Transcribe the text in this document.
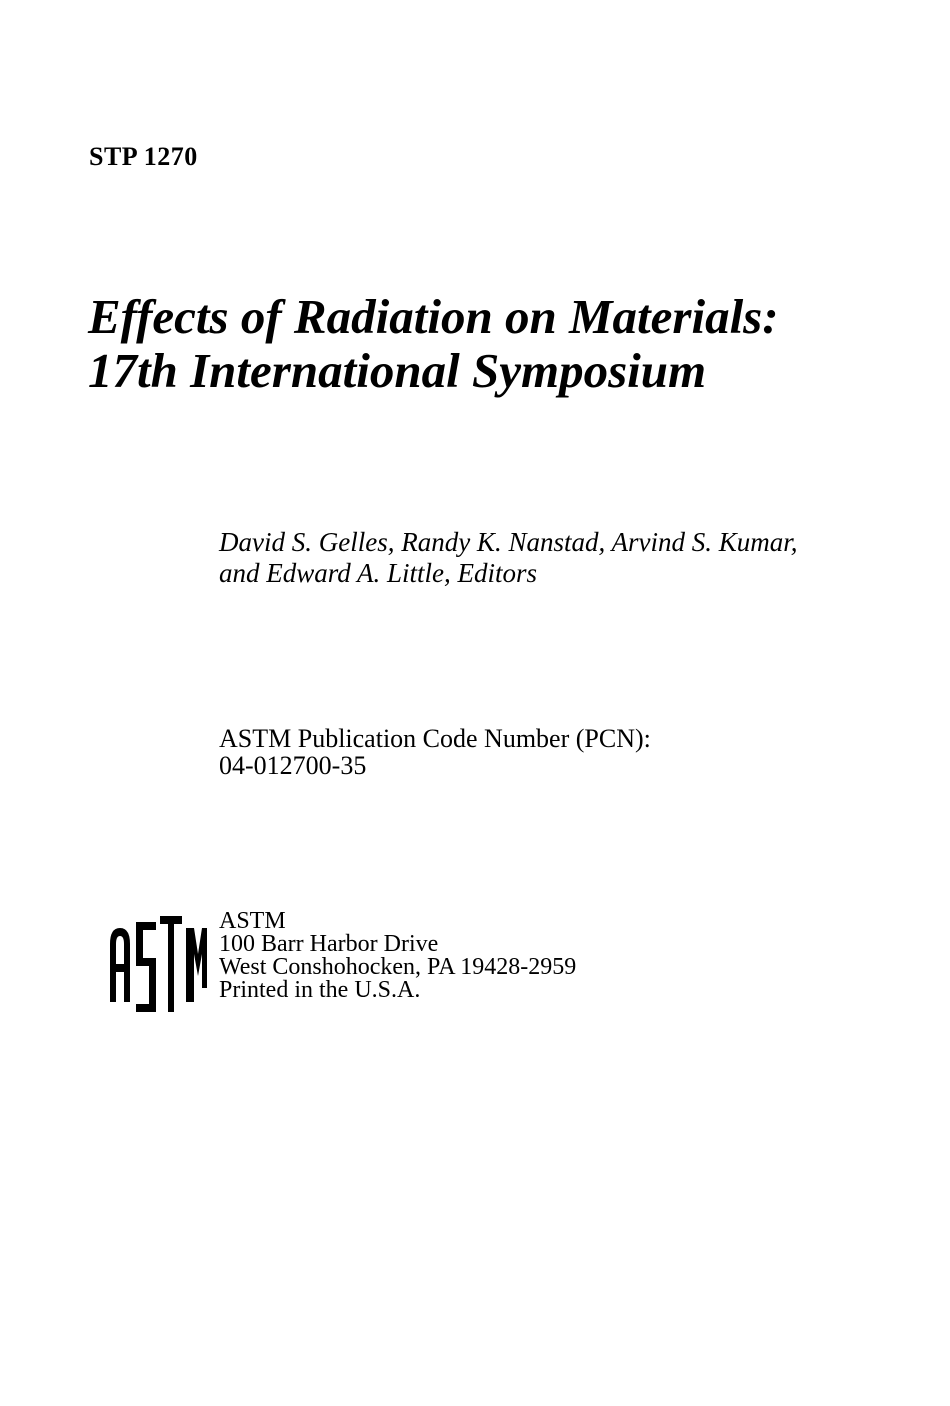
STP 1270
Effects of Radiation on Materials:
17th International Symposium
David S. Gelles, Randy K. Nanstad, Arvind S. Kumar,
and Edward A. Little, Editors
ASTM Publication Code Number (PCN):
04-012700-35
ASTM
100 Barr Harbor Drive
West Conshohocken, PA 19428-2959
Printed in the U.S.A.
